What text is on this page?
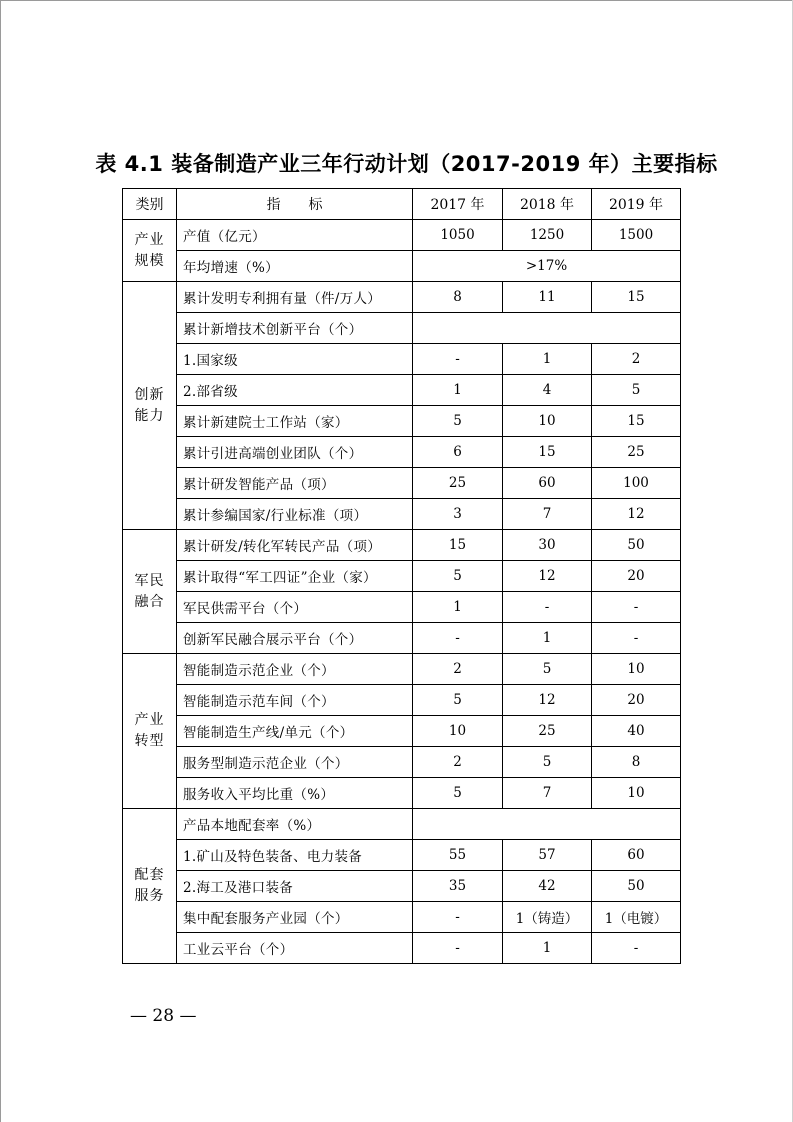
表 4.1 装备制造产业三年行动计划（2017-2019 年）主要指标
类别	指　　标	2017 年	2018 年	2019 年

产业
规模	产值（亿元）	1050	1250	1500
	年均增速（%）	>17%		

创新
能力	累计发明专利拥有量（件/万人）	8	11	15
	累计新增技术创新平台（个）			
	1.国家级	-	1	2
	2.部省级	1	4	5
	累计新建院士工作站（家）	5	10	15
	累计引进高端创业团队（个）	6	15	25
	累计研发智能产品（项）	25	60	100
	累计参编国家/行业标准（项）	3	7	12

军民
融合	累计研发/转化军转民产品（项）	15	30	50
	累计取得“军工四证”企业（家）	5	12	20
	军民供需平台（个）	1	-	-
	创新军民融合展示平台（个）	-	1	-

产业
转型	智能制造示范企业（个）	2	5	10
	智能制造示范车间（个）	5	12	20
	智能制造生产线/单元（个）	10	25	40
	服务型制造示范企业（个）	2	5	8
	服务收入平均比重（%）	5	7	10

配套
服务	产品本地配套率（%）			
	1.矿山及特色装备、电力装备	55	57	60
	2.海工及港口装备	35	42	50
	集中配套服务产业园（个）	-	1（铸造）	1（电镀）
	工业云平台（个）	-	1	-
— 28 —
